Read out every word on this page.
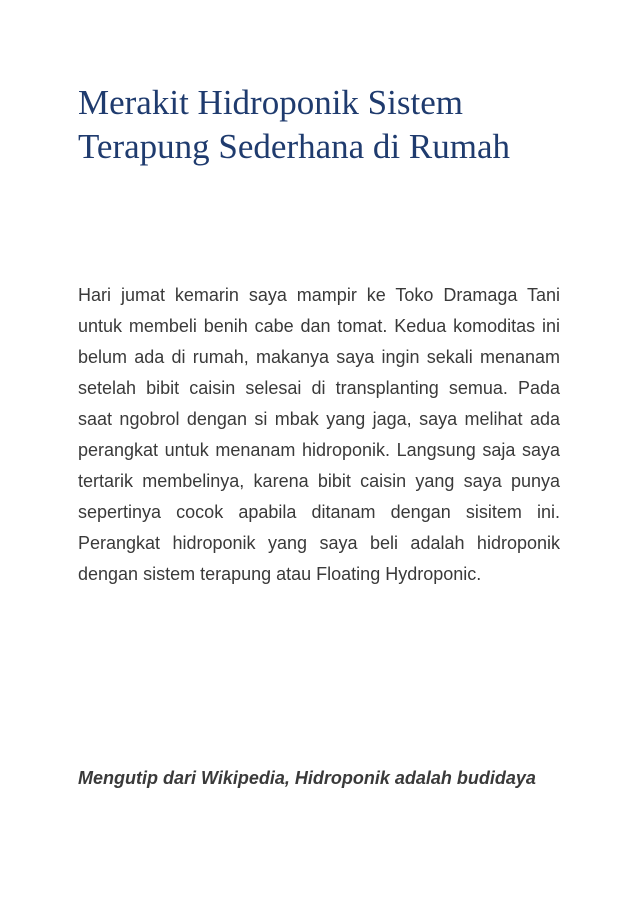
Merakit Hidroponik Sistem Terapung Sederhana di Rumah

Hari jumat kemarin saya mampir ke Toko Dramaga Tani untuk membeli benih cabe dan tomat. Kedua komoditas ini belum ada di rumah, makanya saya ingin sekali menanam setelah bibit caisin selesai di transplanting semua. Pada saat ngobrol dengan si mbak yang jaga, saya melihat ada perangkat untuk menanam hidroponik. Langsung saja saya tertarik membelinya, karena bibit caisin yang saya punya sepertinya cocok apabila ditanam dengan sisitem ini. Perangkat hidroponik yang saya beli adalah hidroponik dengan sistem terapung atau Floating Hydroponic.

Mengutip dari Wikipedia, Hidroponik adalah budidaya
